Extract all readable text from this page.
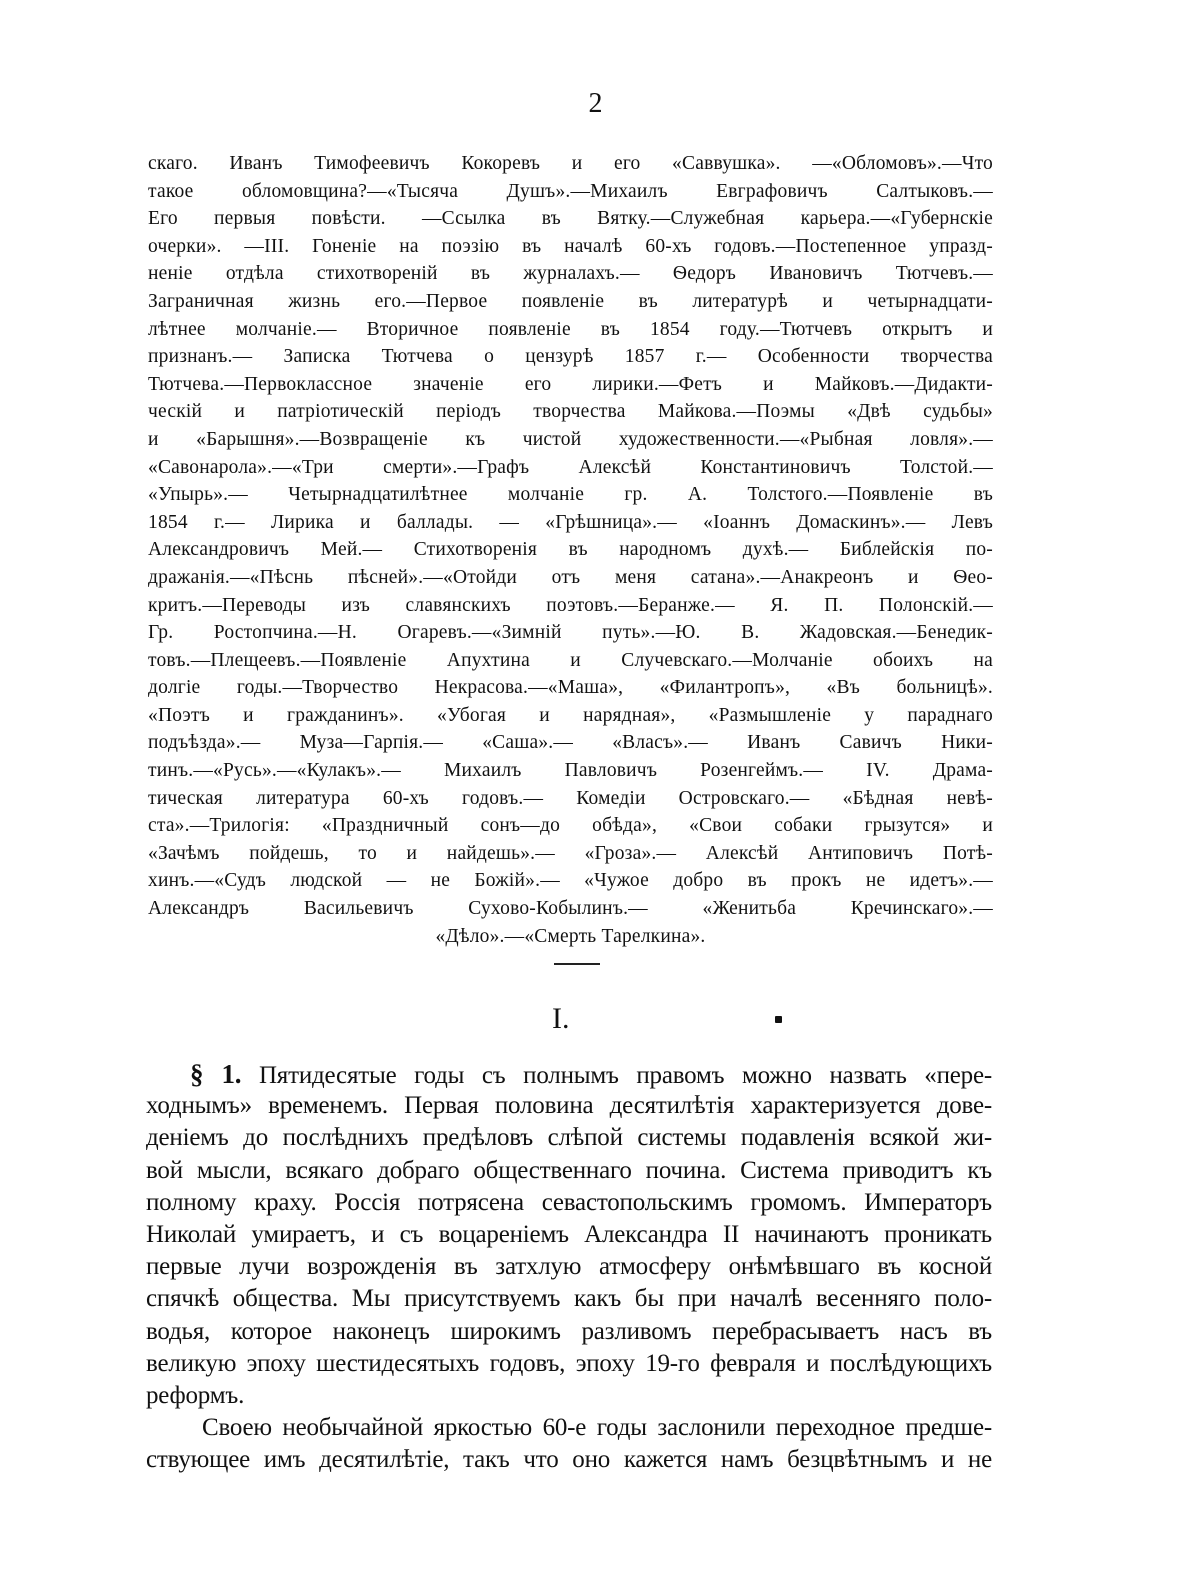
2
скаго. Иванъ Тимофеевичъ Кокоревъ и его «Саввушка». —«Обломовъ».—Что
такое обломовщина?—«Тысяча Душъ».—Михаилъ Евграфовичъ Салтыковъ.—
Его первыя повѣсти. —Ссылка въ Вятку.—Служебная карьера.—«Губернскіе
очерки». —III. Гоненіе на поэзію въ началѣ 60-хъ годовъ.—Постепенное упразд-
неніе отдѣла стихотвореній въ журналахъ.— Ѳедоръ Ивановичъ Тютчевъ.—
Заграничная жизнь его.—Первое появленіе въ литературѣ и четырнадцати-
лѣтнее молчаніе.— Вторичное появленіе въ 1854 году.—Тютчевъ открытъ и
признанъ.— Записка Тютчева о цензурѣ 1857 г.— Особенности творчества
Тютчева.—Первоклассное значеніе его лирики.—Фетъ и Майковъ.—Дидакти-
ческій и патріотическій періодъ творчества Майкова.—Поэмы «Двѣ судьбы»
и «Барышня».—Возвращеніе къ чистой художественности.—«Рыбная ловля».—
«Савонарола».—«Три смерти».—Графъ Алексѣй Константиновичъ Толстой.—
«Упырь».— Четырнадцатилѣтнее молчаніе гр. А. Толстого.—Появленіе въ
1854 г.— Лирика и баллады. — «Грѣшница».— «Іоаннъ Домаскинъ».— Левъ
Александровичъ Мей.— Стихотворенія въ народномъ духѣ.— Библейскія по-
дражанія.—«Пѣснь пѣсней».—«Отойди отъ меня сатана».—Анакреонъ и Ѳео-
критъ.—Переводы изъ славянскихъ поэтовъ.—Беранже.— Я. П. Полонскій.—
Гр. Ростопчина.—Н. Огаревъ.—«Зимній путь».—Ю. В. Жадовская.—Бенедик-
товъ.—Плещеевъ.—Появленіе Апухтина и Случевскаго.—Молчаніе обоихъ на
долгіе годы.—Творчество Некрасова.—«Маша», «Филантропъ», «Въ больницѣ».
«Поэтъ и гражданинъ». «Убогая и нарядная», «Размышленіе у параднаго
подъѣзда».— Муза—Гарпія.— «Саша».— «Власъ».— Иванъ Савичъ Ники-
тинъ.—«Русь».—«Кулакъ».— Михаилъ Павловичъ Розенгеймъ.— IV. Драма-
тическая литература 60-хъ годовъ.— Комедіи Островскаго.— «Бѣдная невѣ-
ста».—Трилогія: «Праздничный сонъ—до обѣда», «Свои собаки грызутся» и
«Зачѣмъ пойдешь, то и найдешь».— «Гроза».— Алексѣй Антиповичъ Потѣ-
хинъ.—«Судъ людской — не Божій».— «Чужое добро въ прокъ не идетъ».—
Александръ Васильевичъ Сухово-Кобылинъ.— «Женитьба Кречинскаго».—
«Дѣло».—«Смерть Тарелкина».
I.
§ 1. Пятидесятые годы съ полнымъ правомъ можно назвать «пере-
ходнымъ» временемъ. Первая половина десятилѣтія характеризуется дове-
деніемъ до послѣднихъ предѣловъ слѣпой системы подавленія всякой жи-
вой мысли, всякаго добраго общественнаго почина. Система приводитъ къ
полному краху. Россія потрясена севастопольскимъ громомъ. Императоръ
Николай умираетъ, и съ воцареніемъ Александра II начинаютъ проникать
первые лучи возрожденія въ затхлую атмосферу онѣмѣвшаго въ косной
спячкѣ общества. Мы присутствуемъ какъ бы при началѣ весенняго поло-
водья, которое наконецъ широкимъ разливомъ перебрасываетъ насъ въ
великую эпоху шестидесятыхъ годовъ, эпоху 19-го февраля и послѣдующихъ
реформъ.
Своею необычайной яркостью 60-е годы заслонили переходное предше-
ствующее имъ десятилѣтіе, такъ что оно кажется намъ безцвѣтнымъ и не
